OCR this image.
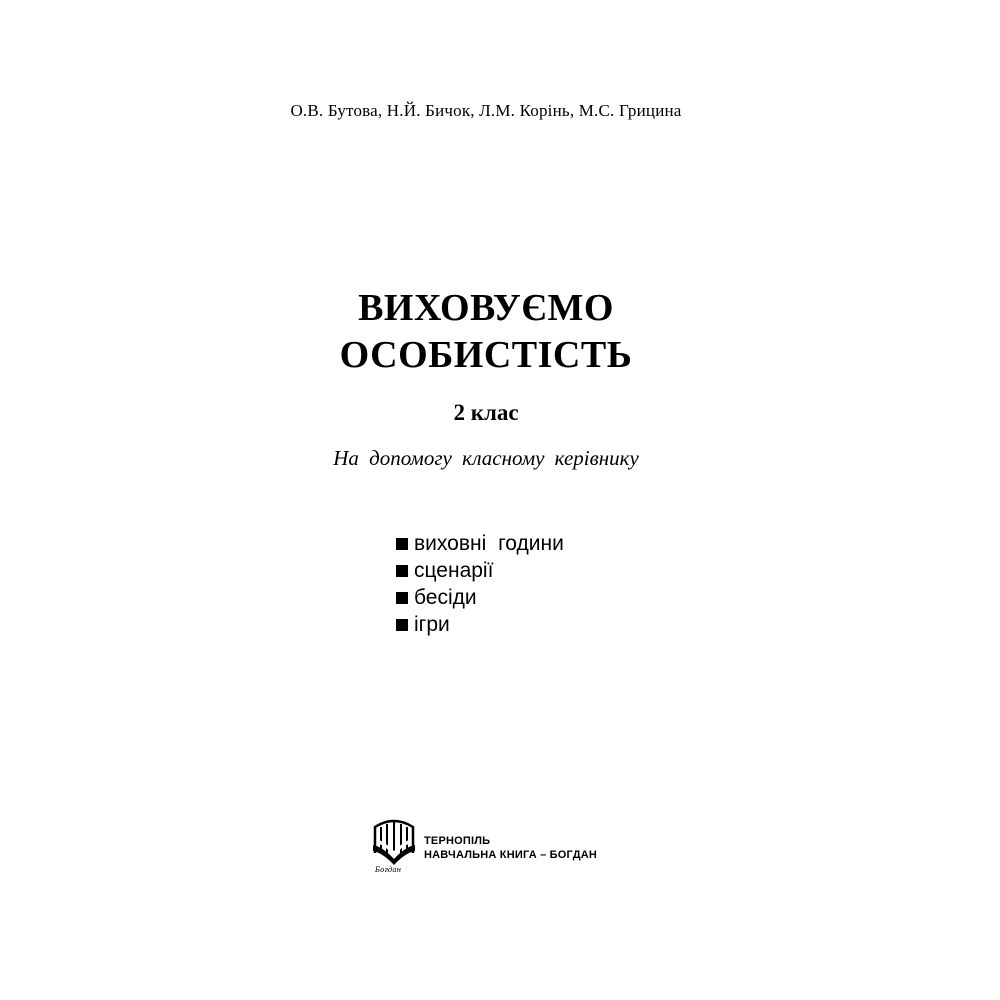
О.В. Бутова, Н.Й. Бичок, Л.М. Корінь, М.С. Грицина
ВИХОВУЄМО
ОСОБИСТІСТЬ
2 клас
На допомогу класному керівнику
виховні години
сценарії
бесіди
ігри
Богдан
ТЕРНОПІЛЬ
НАВЧАЛЬНА КНИГА – БОГДАН
